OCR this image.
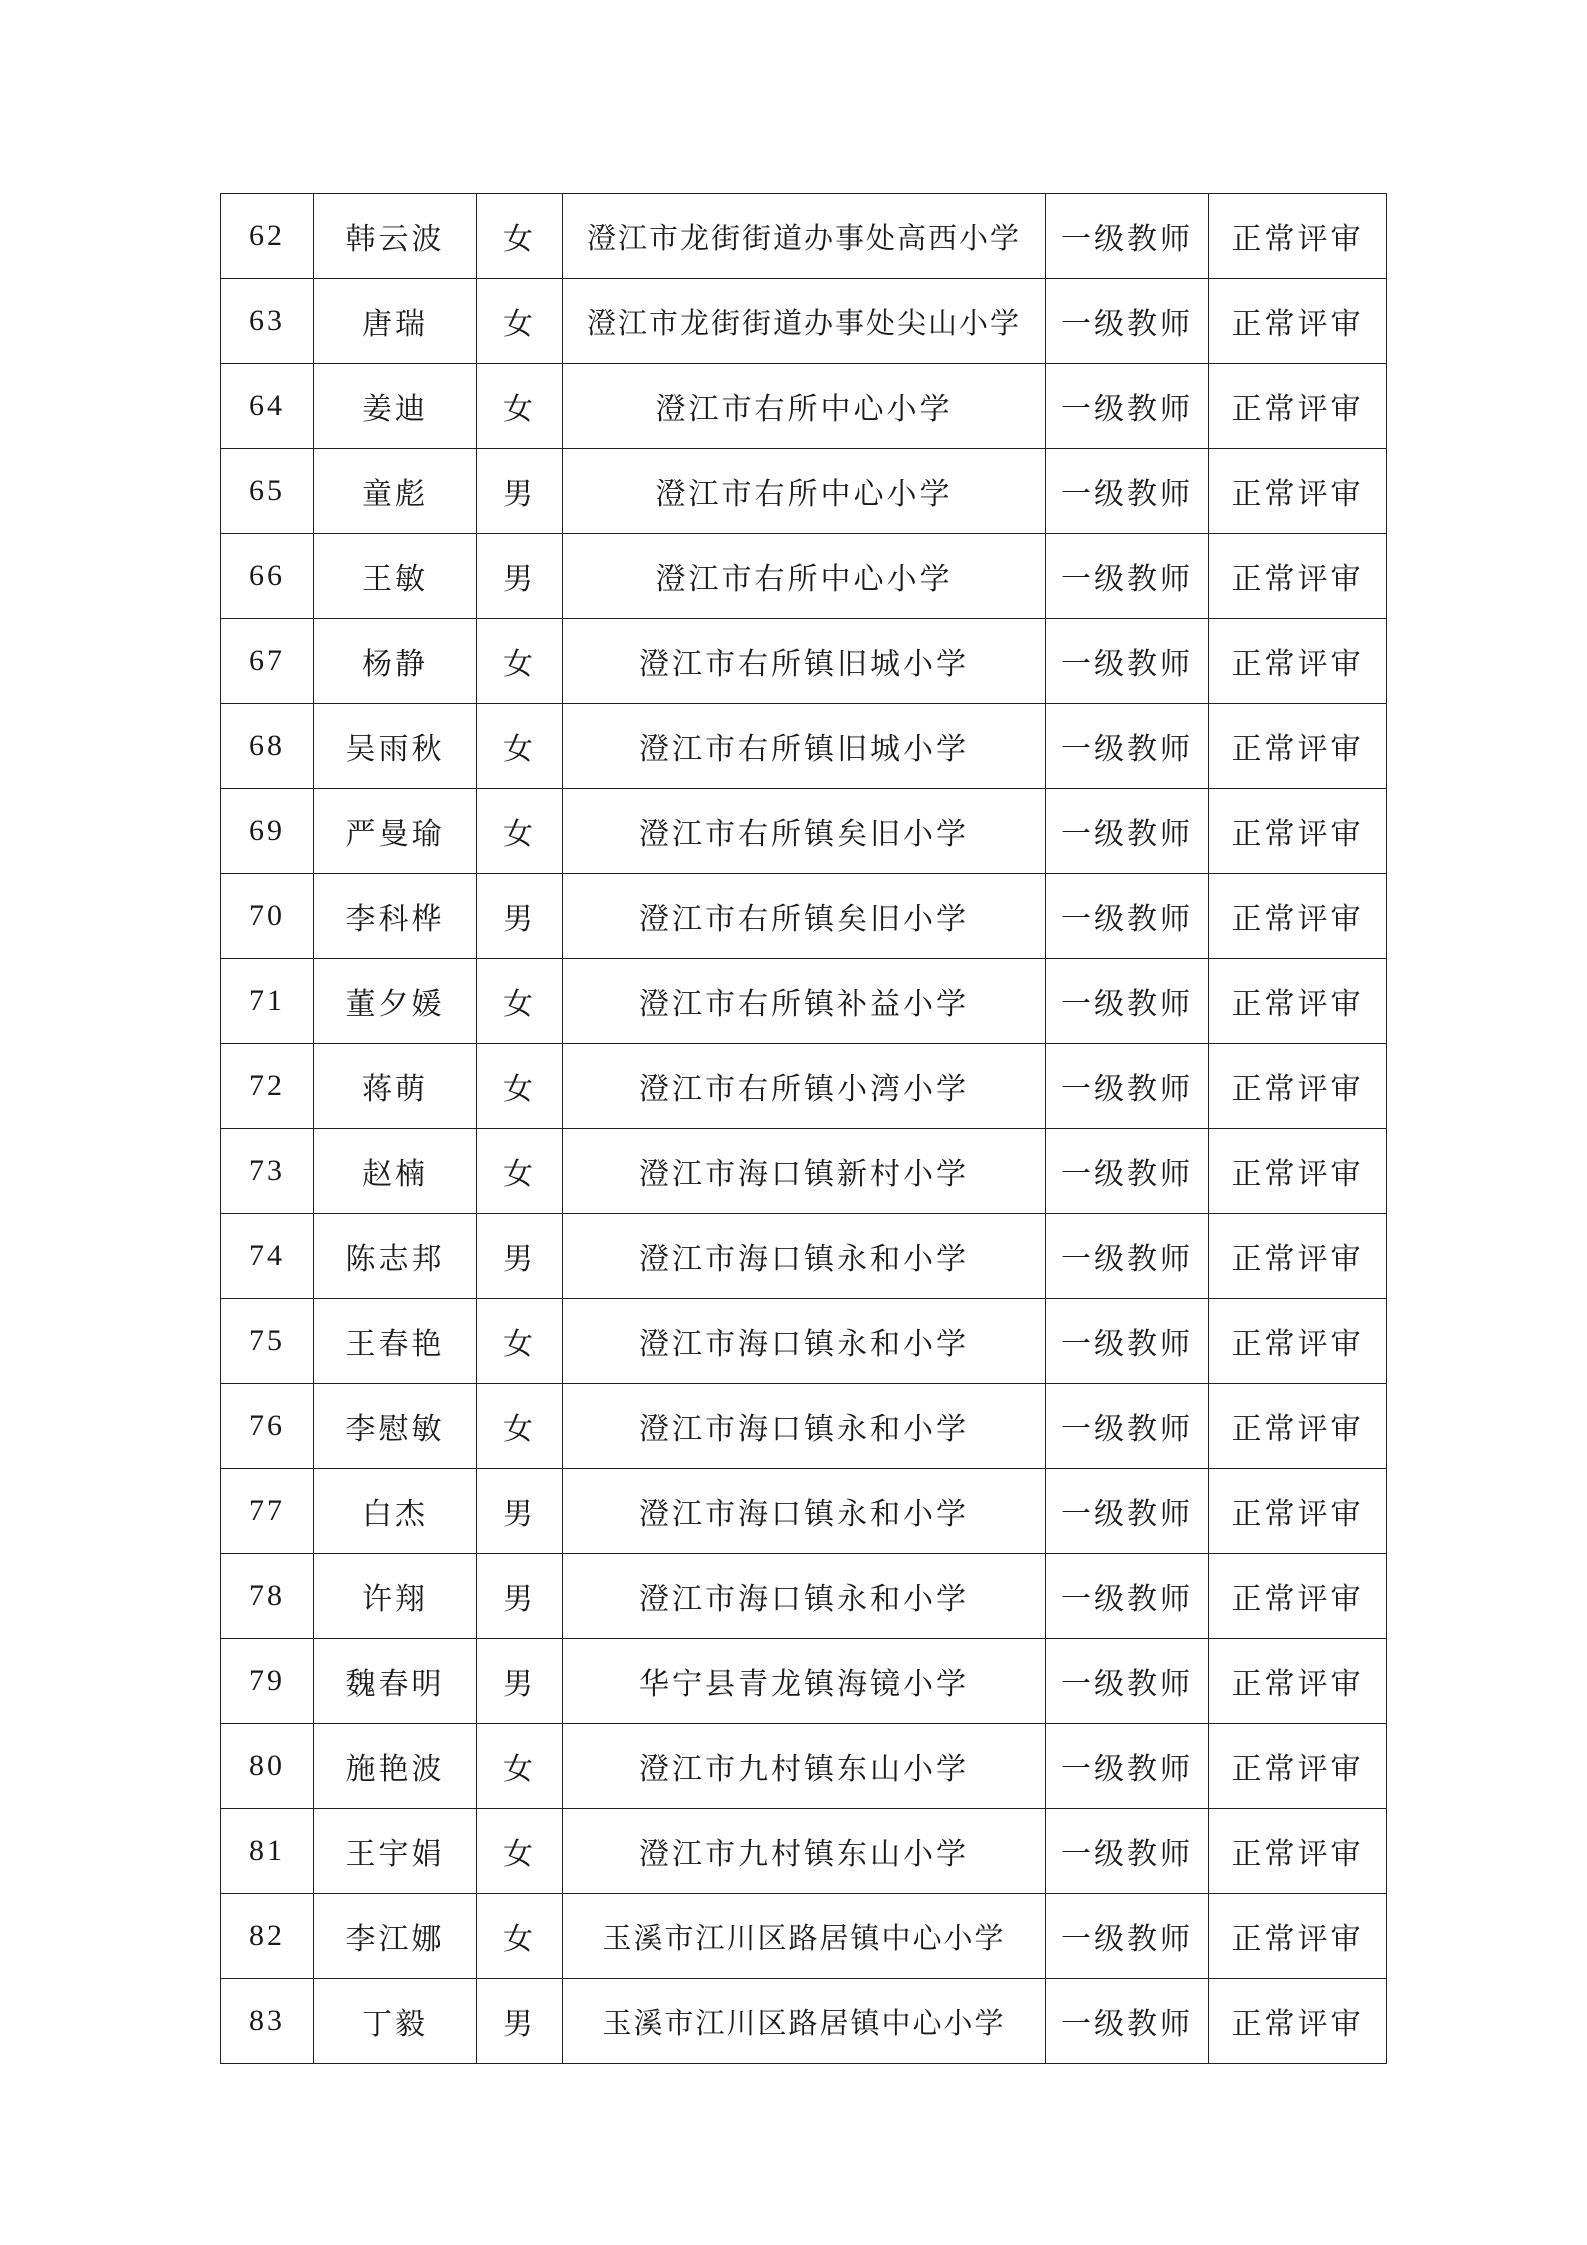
62	韩云波	女	澄江市龙街街道办事处高西小学	一级教师	正常评审
63	唐瑞	女	澄江市龙街街道办事处尖山小学	一级教师	正常评审
64	姜迪	女	澄江市右所中心小学	一级教师	正常评审
65	童彪	男	澄江市右所中心小学	一级教师	正常评审
66	王敏	男	澄江市右所中心小学	一级教师	正常评审
67	杨静	女	澄江市右所镇旧城小学	一级教师	正常评审
68	吴雨秋	女	澄江市右所镇旧城小学	一级教师	正常评审
69	严曼瑜	女	澄江市右所镇矣旧小学	一级教师	正常评审
70	李科桦	男	澄江市右所镇矣旧小学	一级教师	正常评审
71	董夕媛	女	澄江市右所镇补益小学	一级教师	正常评审
72	蒋萌	女	澄江市右所镇小湾小学	一级教师	正常评审
73	赵楠	女	澄江市海口镇新村小学	一级教师	正常评审
74	陈志邦	男	澄江市海口镇永和小学	一级教师	正常评审
75	王春艳	女	澄江市海口镇永和小学	一级教师	正常评审
76	李慰敏	女	澄江市海口镇永和小学	一级教师	正常评审
77	白杰	男	澄江市海口镇永和小学	一级教师	正常评审
78	许翔	男	澄江市海口镇永和小学	一级教师	正常评审
79	魏春明	男	华宁县青龙镇海镜小学	一级教师	正常评审
80	施艳波	女	澄江市九村镇东山小学	一级教师	正常评审
81	王宇娟	女	澄江市九村镇东山小学	一级教师	正常评审
82	李江娜	女	玉溪市江川区路居镇中心小学	一级教师	正常评审
83	丁毅	男	玉溪市江川区路居镇中心小学	一级教师	正常评审
